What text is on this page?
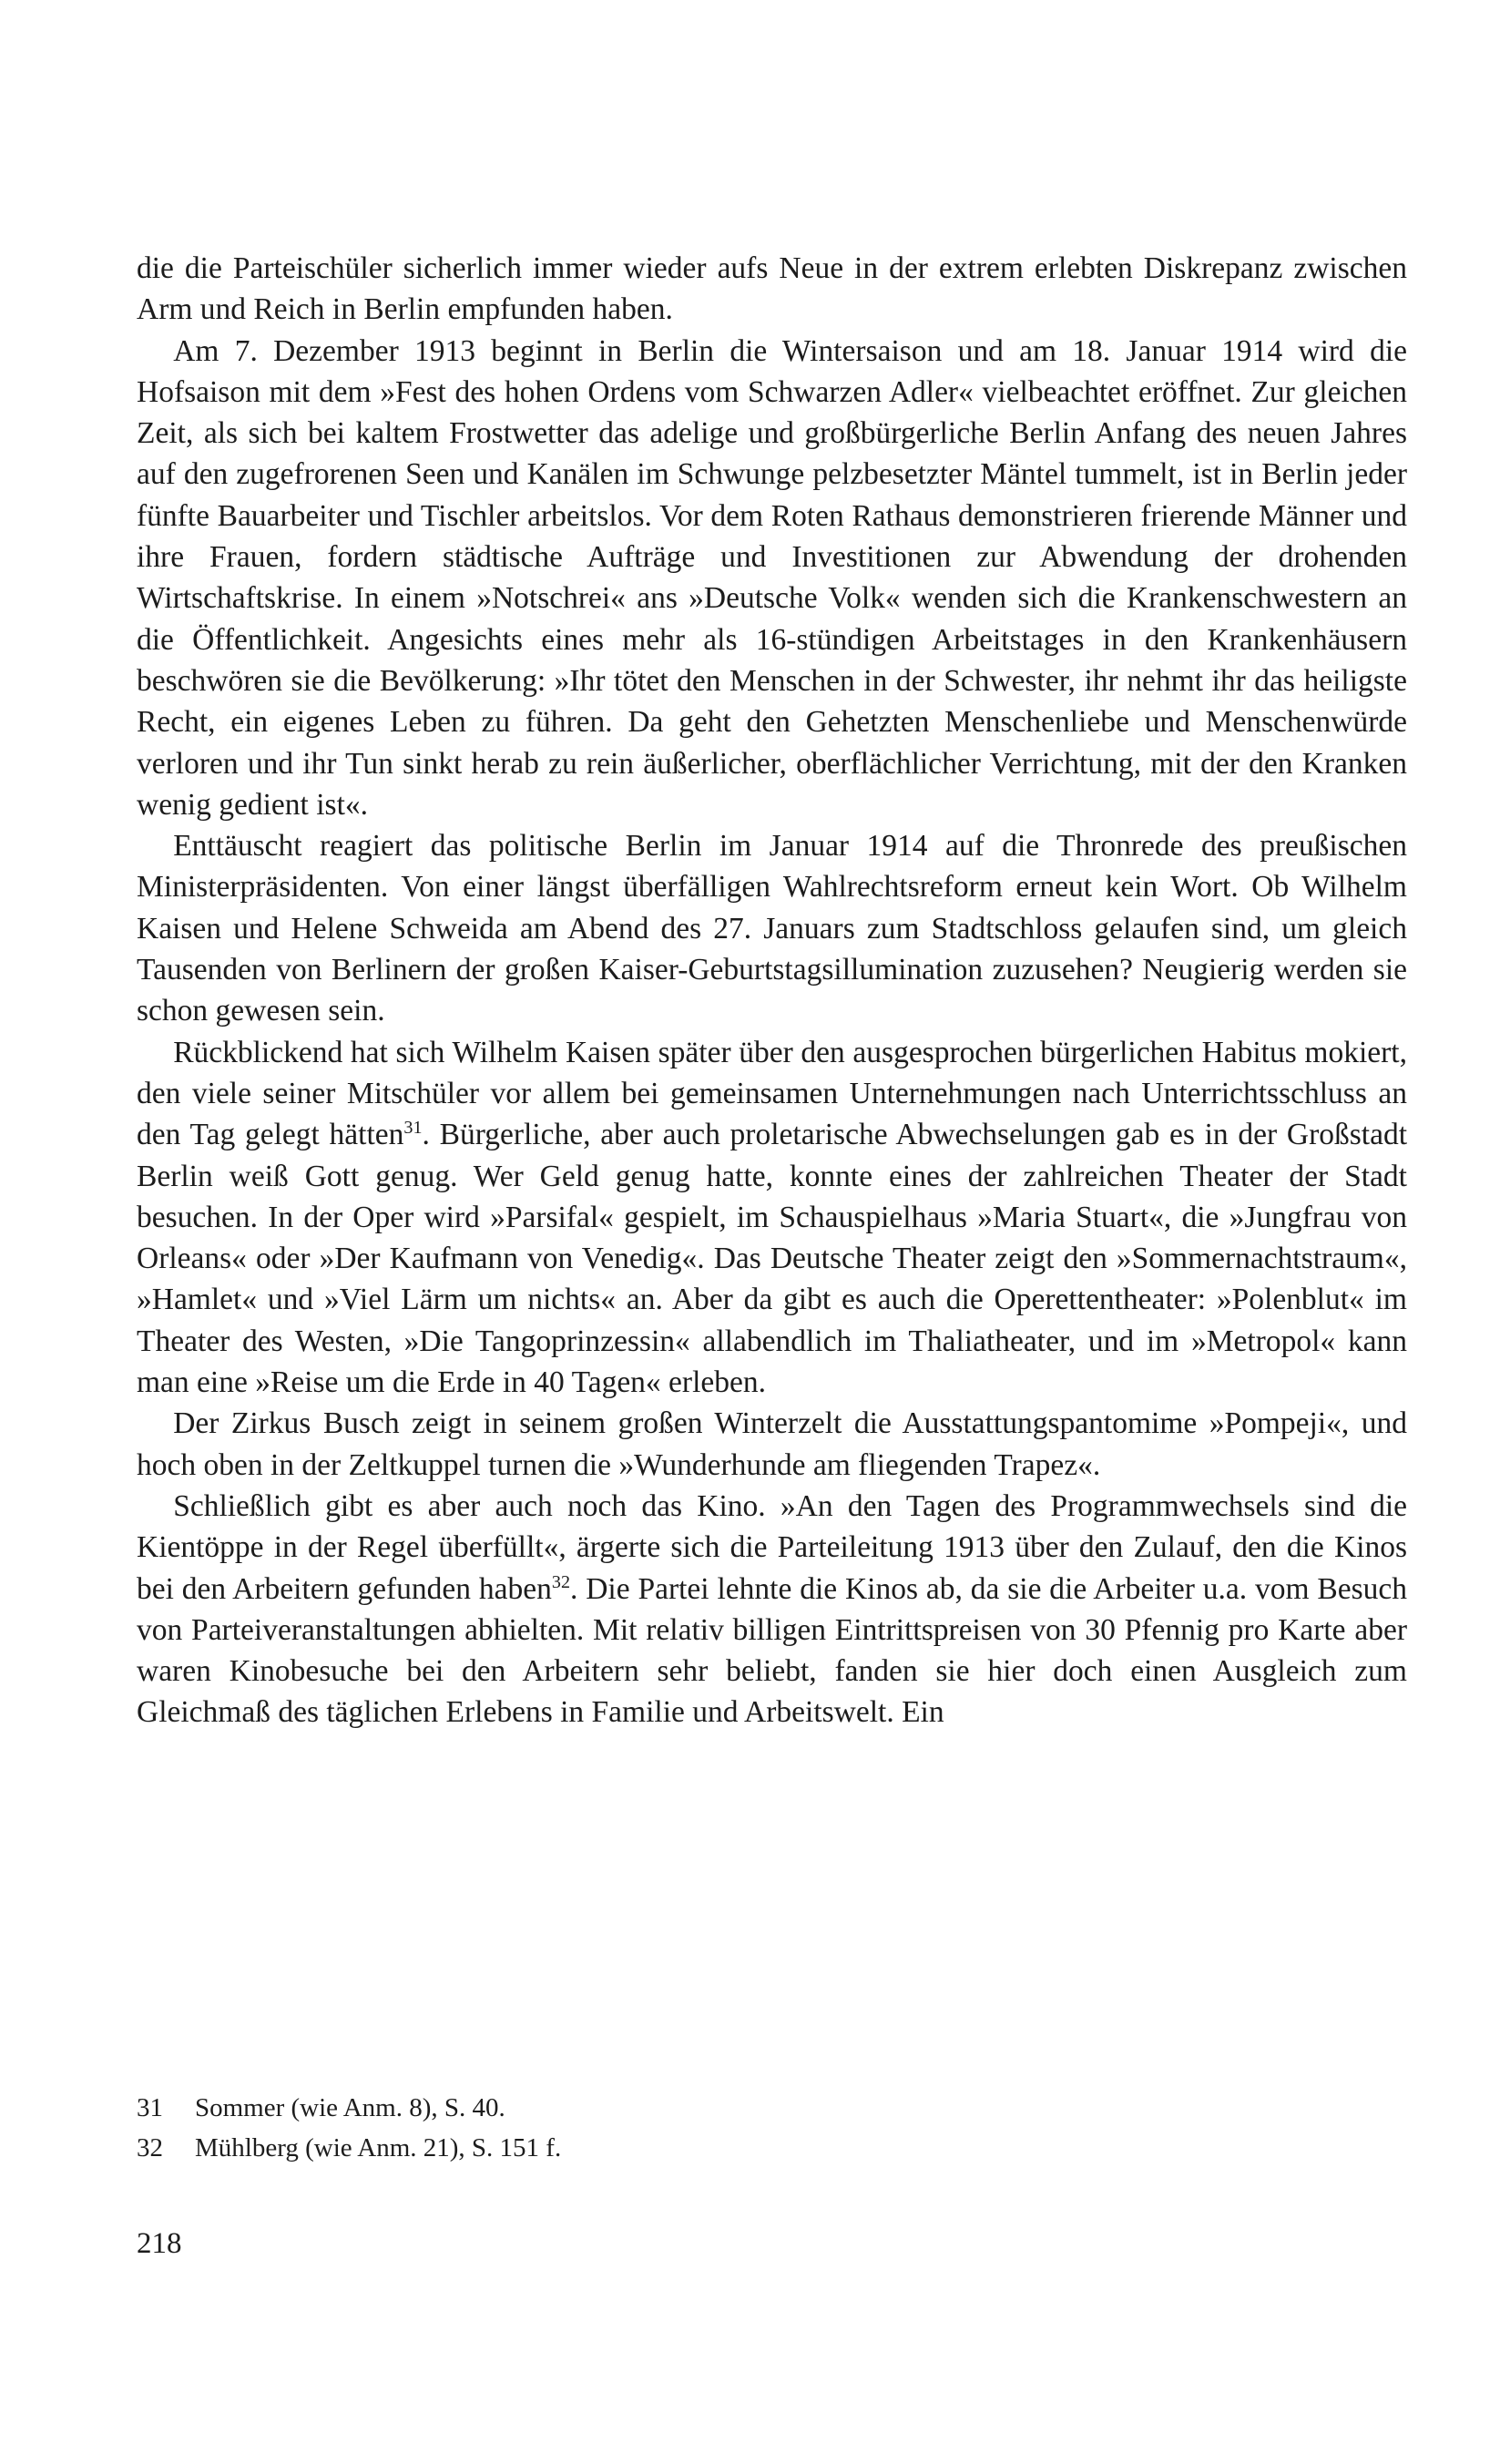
die die Parteischüler sicherlich immer wieder aufs Neue in der extrem erlebten Diskrepanz zwischen Arm und Reich in Berlin empfunden haben.

Am 7. Dezember 1913 beginnt in Berlin die Wintersaison und am 18. Januar 1914 wird die Hofsaison mit dem »Fest des hohen Ordens vom Schwarzen Adler« vielbeachtet eröffnet. Zur gleichen Zeit, als sich bei kaltem Frostwetter das adelige und großbürgerliche Berlin Anfang des neuen Jahres auf den zugefrorenen Seen und Kanälen im Schwunge pelzbesetzter Mäntel tummelt, ist in Berlin jeder fünfte Bauarbeiter und Tischler arbeitslos. Vor dem Roten Rathaus demonstrieren frierende Männer und ihre Frauen, fordern städtische Aufträge und Investitionen zur Abwendung der drohenden Wirtschaftskrise. In einem »Notschrei« ans »Deutsche Volk« wenden sich die Krankenschwestern an die Öffentlichkeit. Angesichts eines mehr als 16-stündigen Arbeitstages in den Krankenhäusern beschwören sie die Bevölkerung: »Ihr tötet den Menschen in der Schwester, ihr nehmt ihr das heiligste Recht, ein eigenes Leben zu führen. Da geht den Gehetzten Menschenliebe und Menschenwürde verloren und ihr Tun sinkt herab zu rein äußerlicher, oberflächlicher Verrichtung, mit der den Kranken wenig gedient ist«.

Enttäuscht reagiert das politische Berlin im Januar 1914 auf die Thronrede des preußischen Ministerpräsidenten. Von einer längst überfälligen Wahlrechtsreform erneut kein Wort. Ob Wilhelm Kaisen und Helene Schweida am Abend des 27. Januars zum Stadtschloss gelaufen sind, um gleich Tausenden von Berlinern der großen Kaiser-Geburtstagsillumination zuzusehen? Neugierig werden sie schon gewesen sein.

Rückblickend hat sich Wilhelm Kaisen später über den ausgesprochen bürgerlichen Habitus mokiert, den viele seiner Mitschüler vor allem bei gemeinsamen Unternehmungen nach Unterrichtsschluss an den Tag gelegt hätten$^{31}$. Bürgerliche, aber auch proletarische Abwechselungen gab es in der Großstadt Berlin weiß Gott genug. Wer Geld genug hatte, konnte eines der zahlreichen Theater der Stadt besuchen. In der Oper wird »Parsifal« gespielt, im Schauspielhaus »Maria Stuart«, die »Jungfrau von Orleans« oder »Der Kaufmann von Venedig«. Das Deutsche Theater zeigt den »Sommernachtstraum«, »Hamlet« und »Viel Lärm um nichts« an. Aber da gibt es auch die Operettentheater: »Polenblut« im Theater des Westen, »Die Tangoprinzessin« allabendlich im Thaliatheater, und im »Metropol« kann man eine »Reise um die Erde in 40 Tagen« erleben.

Der Zirkus Busch zeigt in seinem großen Winterzelt die Ausstattungspantomime »Pompeji«, und hoch oben in der Zeltkuppel turnen die »Wunderhunde am fliegenden Trapez«.

Schließlich gibt es aber auch noch das Kino. »An den Tagen des Programmwechsels sind die Kientöppe in der Regel überfüllt«, ärgerte sich die Parteileitung 1913 über den Zulauf, den die Kinos bei den Arbeitern gefunden haben$^{32}$. Die Partei lehnte die Kinos ab, da sie die Arbeiter u.a. vom Besuch von Parteiveranstaltungen abhielten. Mit relativ billigen Eintrittspreisen von 30 Pfennig pro Karte aber waren Kinobesuche bei den Arbeitern sehr beliebt, fanden sie hier doch einen Ausgleich zum Gleichmaß des täglichen Erlebens in Familie und Arbeitswelt. Ein

31	Sommer (wie Anm. 8), S. 40.

32	Mühlberg (wie Anm. 21), S. 151 f.

218
